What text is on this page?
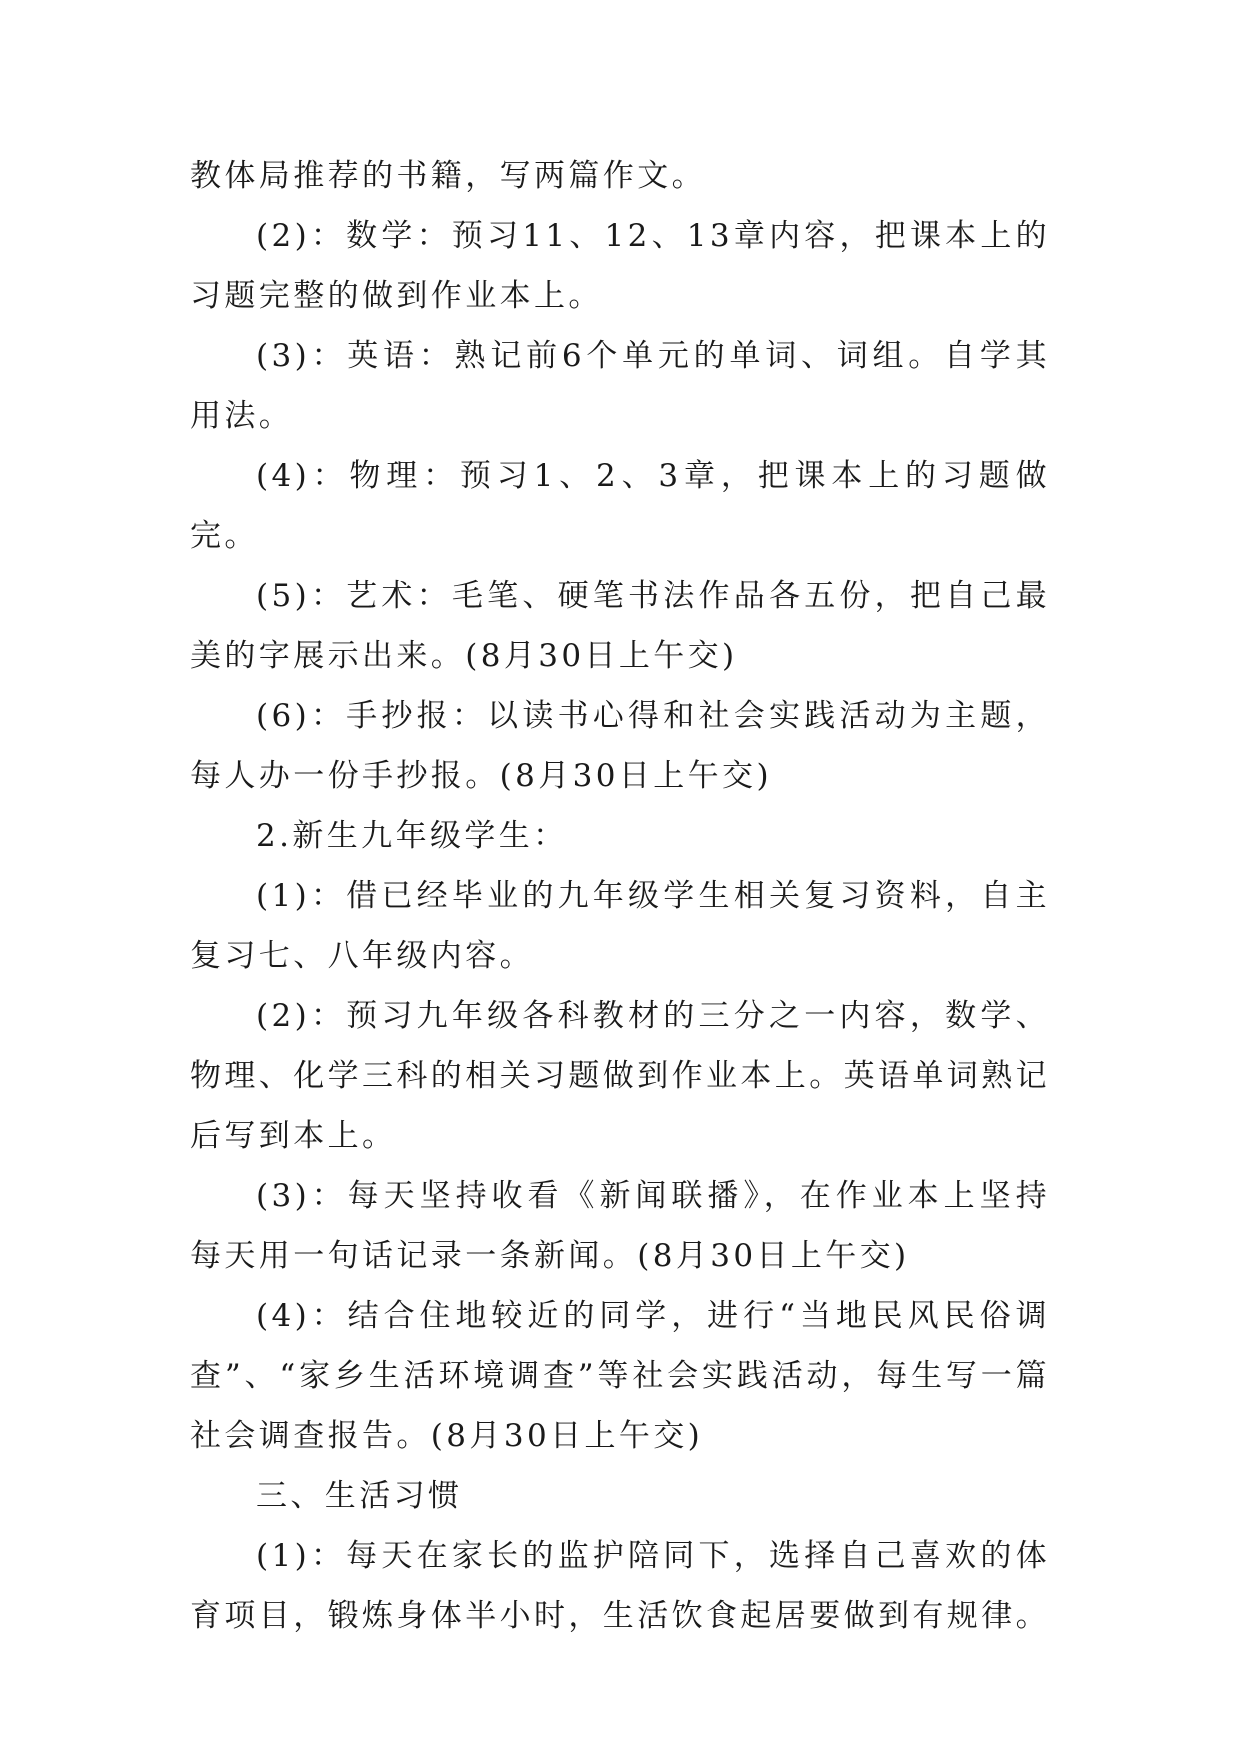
教体局推荐的书籍，写两篇作文。

(2)：数学：预习11、12、13章内容，把课本上的习题完整的做到作业本上。

(3)：英语：熟记前6个单元的单词、词组。自学其用法。

(4)：物理：预习1、2、3章，把课本上的习题做完。

(5)：艺术：毛笔、硬笔书法作品各五份，把自己最美的字展示出来。(8月30日上午交)

(6)：手抄报：以读书心得和社会实践活动为主题，每人办一份手抄报。(8月30日上午交)

2.新生九年级学生：

(1)：借已经毕业的九年级学生相关复习资料，自主复习七、八年级内容。

(2)：预习九年级各科教材的三分之一内容，数学、物理、化学三科的相关习题做到作业本上。英语单词熟记后写到本上。

(3)：每天坚持收看《新闻联播》，在作业本上坚持每天用一句话记录一条新闻。(8月30日上午交)

(4)：结合住地较近的同学，进行“当地民风民俗调查”、“家乡生活环境调查”等社会实践活动，每生写一篇社会调查报告。(8月30日上午交)

三、生活习惯

(1)：每天在家长的监护陪同下，选择自己喜欢的体育项目，锻炼身体半小时，生活饮食起居要做到有规律。
